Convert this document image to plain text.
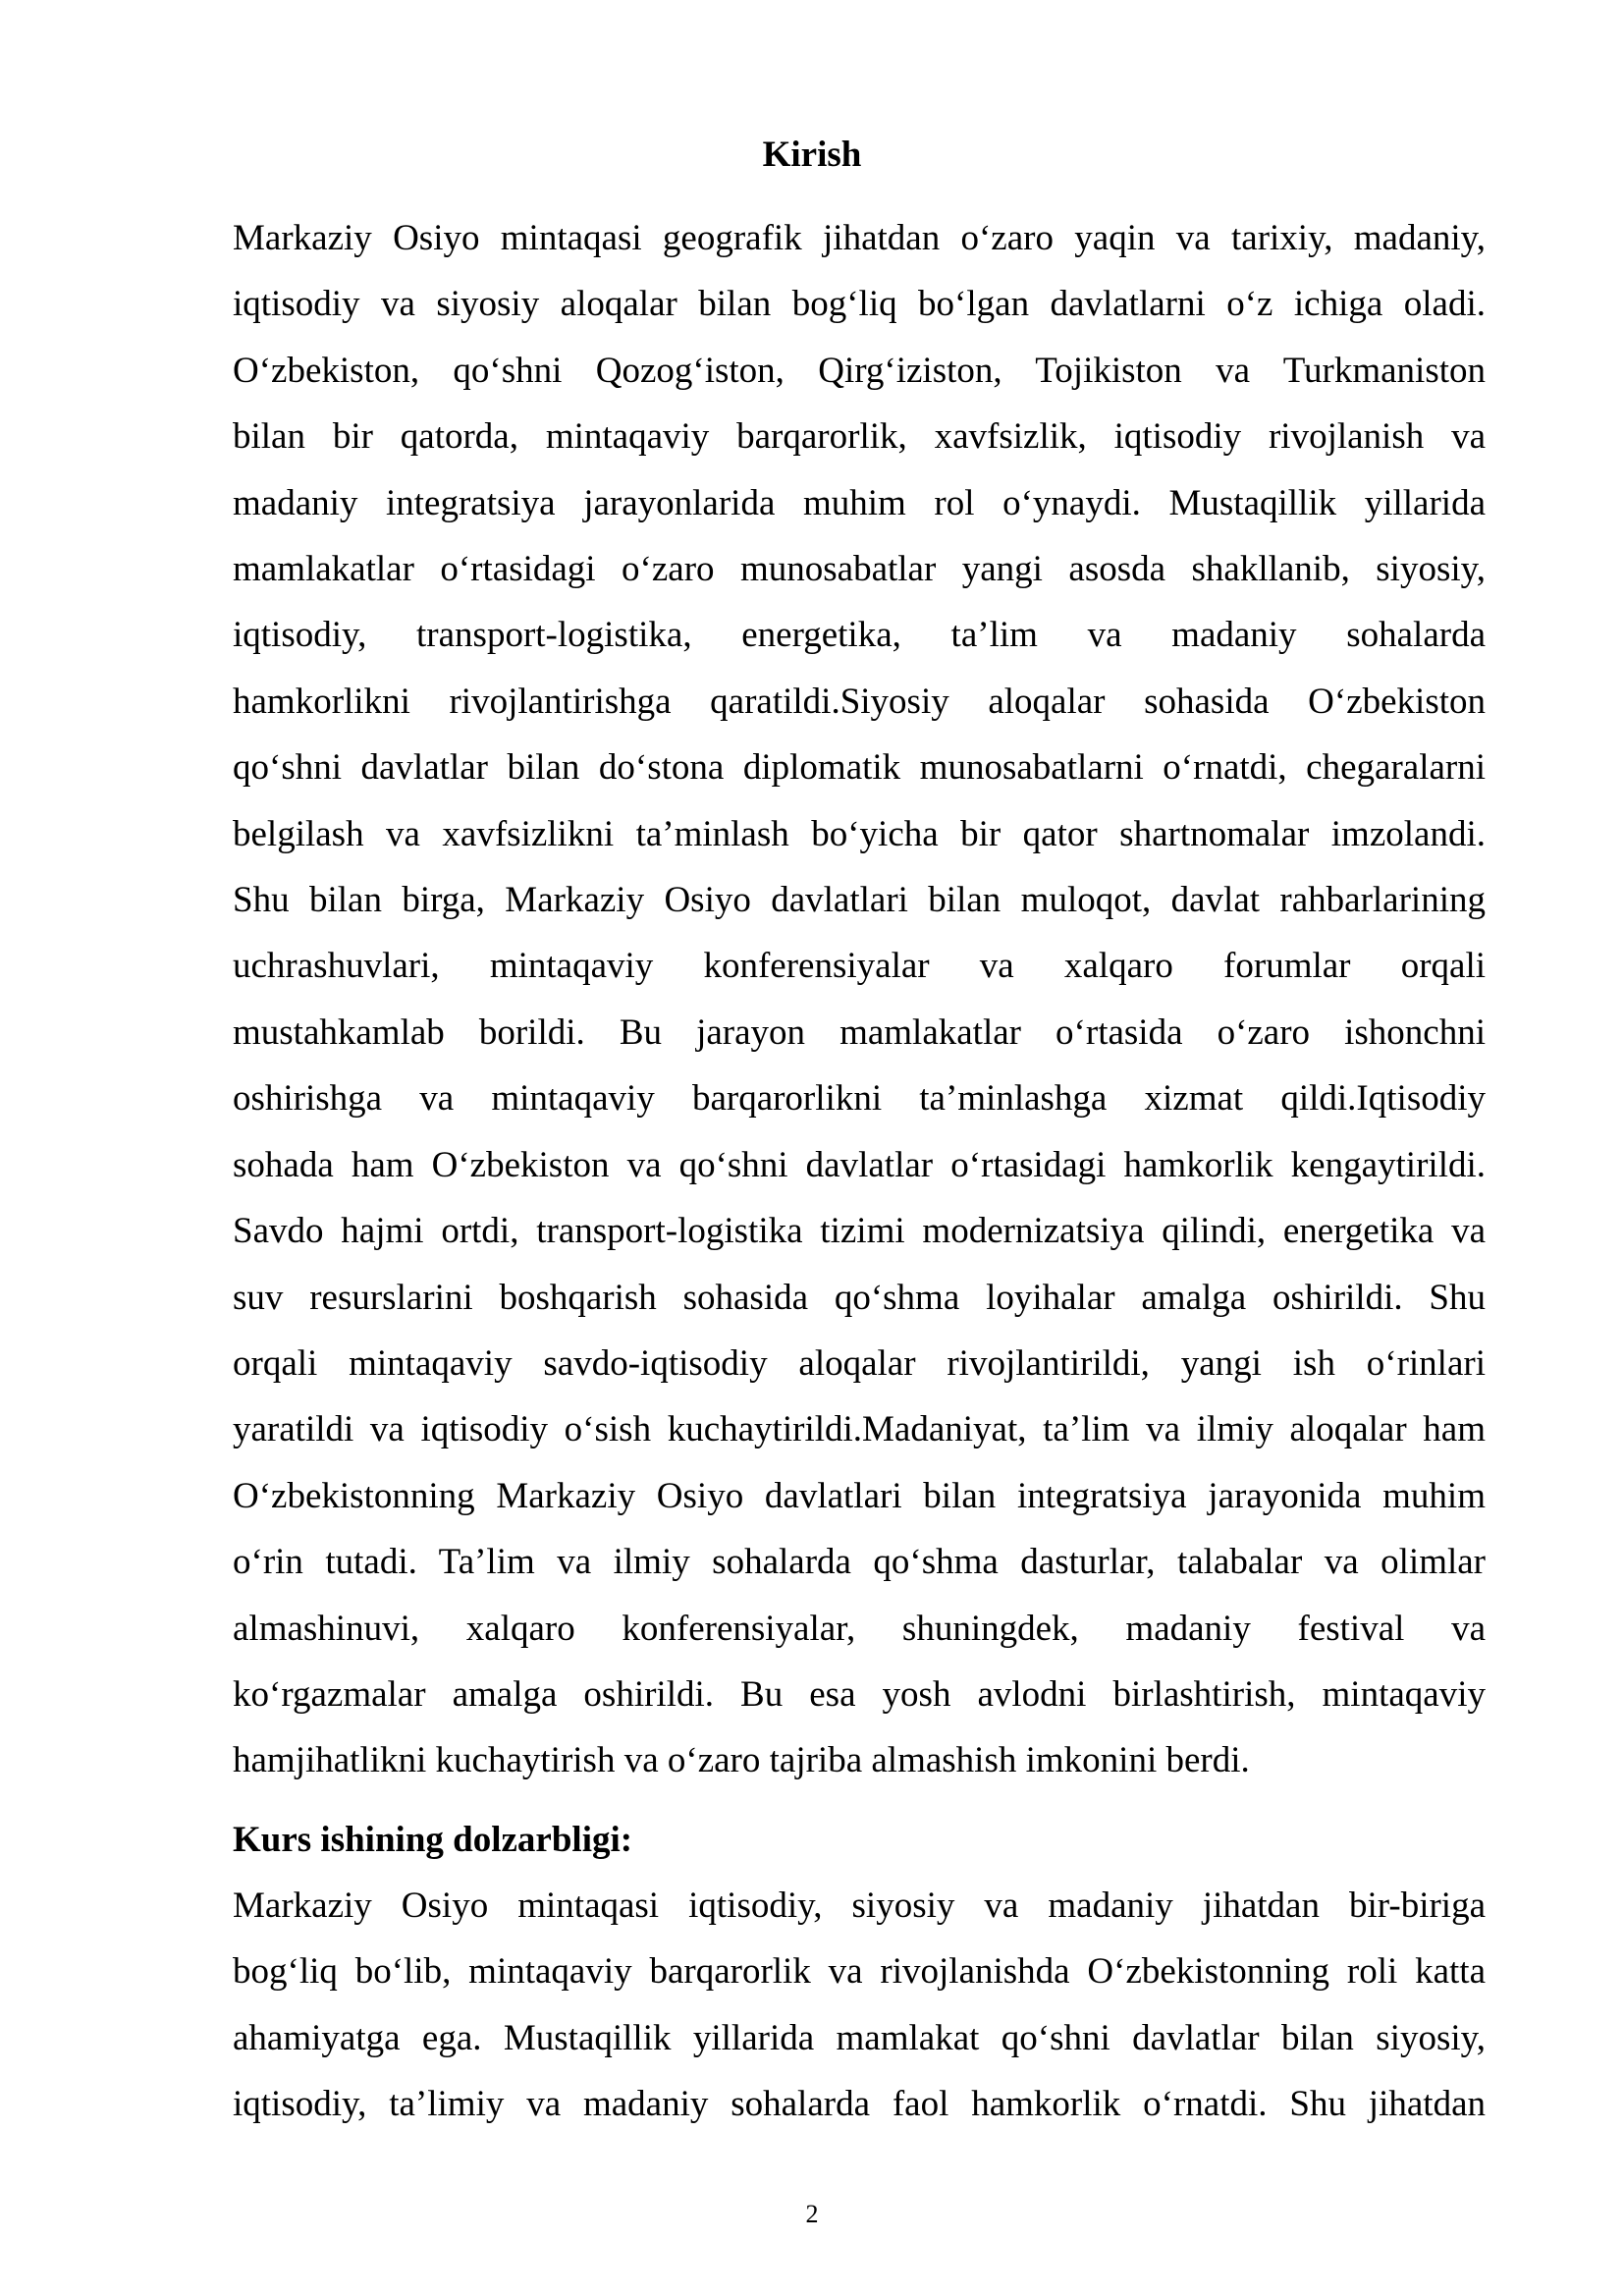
Kirish
Markaziy Osiyo mintaqasi geografik jihatdan o‘zaro yaqin va tarixiy, madaniy,
iqtisodiy va siyosiy aloqalar bilan bog‘liq bo‘lgan davlatlarni o‘z ichiga oladi.
O‘zbekiston, qo‘shni Qozog‘iston, Qirg‘iziston, Tojikiston va Turkmaniston
bilan bir qatorda, mintaqaviy barqarorlik, xavfsizlik, iqtisodiy rivojlanish va
madaniy integratsiya jarayonlarida muhim rol o‘ynaydi. Mustaqillik yillarida
mamlakatlar o‘rtasidagi o‘zaro munosabatlar yangi asosda shakllanib, siyosiy,
iqtisodiy, transport-logistika, energetika, ta’lim va madaniy sohalarda
hamkorlikni rivojlantirishga qaratildi.Siyosiy aloqalar sohasida O‘zbekiston
qo‘shni davlatlar bilan do‘stona diplomatik munosabatlarni o‘rnatdi, chegaralarni
belgilash va xavfsizlikni ta’minlash bo‘yicha bir qator shartnomalar imzolandi.
Shu bilan birga, Markaziy Osiyo davlatlari bilan muloqot, davlat rahbarlarining
uchrashuvlari, mintaqaviy konferensiyalar va xalqaro forumlar orqali
mustahkamlab borildi. Bu jarayon mamlakatlar o‘rtasida o‘zaro ishonchni
oshirishga va mintaqaviy barqarorlikni ta’minlashga xizmat qildi.Iqtisodiy
sohada ham O‘zbekiston va qo‘shni davlatlar o‘rtasidagi hamkorlik kengaytirildi.
Savdo hajmi ortdi, transport-logistika tizimi modernizatsiya qilindi, energetika va
suv resurslarini boshqarish sohasida qo‘shma loyihalar amalga oshirildi. Shu
orqali mintaqaviy savdo-iqtisodiy aloqalar rivojlantirildi, yangi ish o‘rinlari
yaratildi va iqtisodiy o‘sish kuchaytirildi.Madaniyat, ta’lim va ilmiy aloqalar ham
O‘zbekistonning Markaziy Osiyo davlatlari bilan integratsiya jarayonida muhim
o‘rin tutadi. Ta’lim va ilmiy sohalarda qo‘shma dasturlar, talabalar va olimlar
almashinuvi, xalqaro konferensiyalar, shuningdek, madaniy festival va
ko‘rgazmalar amalga oshirildi. Bu esa yosh avlodni birlashtirish, mintaqaviy
hamjihatlikni kuchaytirish va o‘zaro tajriba almashish imkonini berdi.
Kurs ishining dolzarbligi:
Markaziy Osiyo mintaqasi iqtisodiy, siyosiy va madaniy jihatdan bir-biriga
bog‘liq bo‘lib, mintaqaviy barqarorlik va rivojlanishda O‘zbekistonning roli katta
ahamiyatga ega. Mustaqillik yillarida mamlakat qo‘shni davlatlar bilan siyosiy,
iqtisodiy, ta’limiy va madaniy sohalarda faol hamkorlik o‘rnatdi. Shu jihatdan
2
